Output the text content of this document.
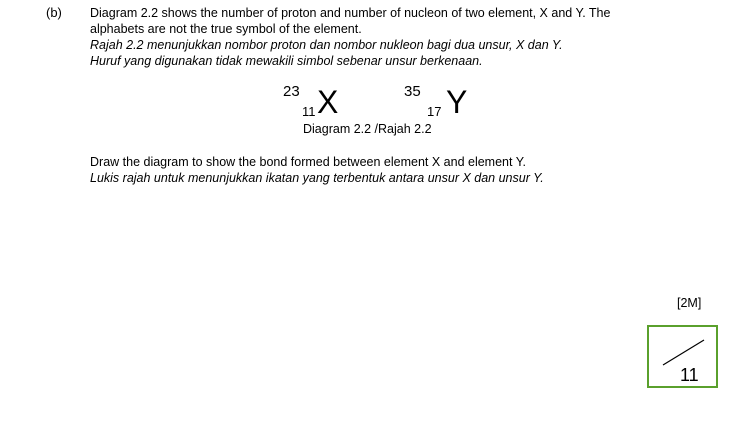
(b) Diagram 2.2 shows the number of proton and number of nucleon of two element, X and Y. The
alphabets are not the true symbol of the element.
Rajah 2.2 menunjukkan nombor proton dan nombor nukleon bagi dua unsur, X dan Y.
Huruf yang digunakan tidak mewakili simbol sebenar unsur berkenaan.
23
11 X	35
17 Y
Diagram 2.2 /Rajah 2.2
Draw the diagram to show the bond formed between element X and element Y.
Lukis rajah untuk menunjukkan ikatan yang terbentuk antara unsur X dan unsur Y.
[2M]
11
